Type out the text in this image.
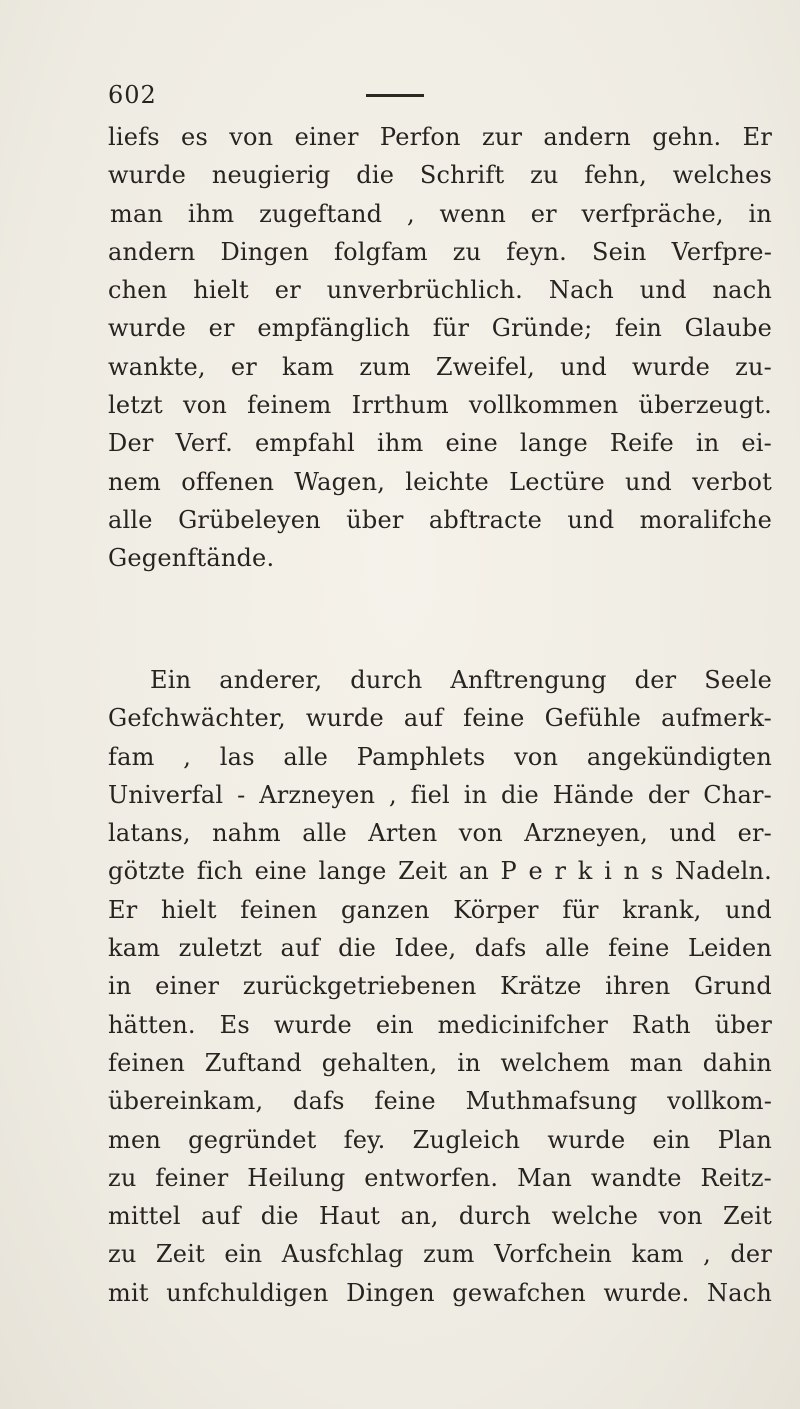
602
liefs es von einer Perfon zur andern gehn. Er
wurde neugierig die Schrift zu fehn, welches
man ihm zugeftand , wenn er verfpräche, in
andern Dingen folgfam zu feyn. Sein Verfpre-
chen hielt er unverbrüchlich. Nach und nach
wurde er empfänglich für Gründe; fein Glaube
wankte, er kam zum Zweifel, und wurde zu-
letzt von feinem Irrthum vollkommen überzeugt.
Der Verf. empfahl ihm eine lange Reife in ei-
nem offenen Wagen, leichte Lectüre und verbot
alle Grübeleyen über abftracte und moralifche
Gegenftände.
Ein anderer, durch Anftrengung der Seele
Gefchwächter, wurde auf feine Gefühle aufmerk-
fam , las alle Pamphlets von angekündigten
Univerfal - Arzneyen , fiel in die Hände der Char-
latans, nahm alle Arten von Arzneyen, und er-
götzte fich eine lange Zeit an P e r k i n s Nadeln.
Er hielt feinen ganzen Körper für krank, und
kam zuletzt auf die Idee, dafs alle feine Leiden
in einer zurückgetriebenen Krätze ihren Grund
hätten. Es wurde ein medicinifcher Rath über
feinen Zuftand gehalten, in welchem man dahin
übereinkam, dafs feine Muthmafsung vollkom-
men gegründet fey. Zugleich wurde ein Plan
zu feiner Heilung entworfen. Man wandte Reitz-
mittel auf die Haut an, durch welche von Zeit
zu Zeit ein Ausfchlag zum Vorfchein kam , der
mit unfchuldigen Dingen gewafchen wurde. Nach
